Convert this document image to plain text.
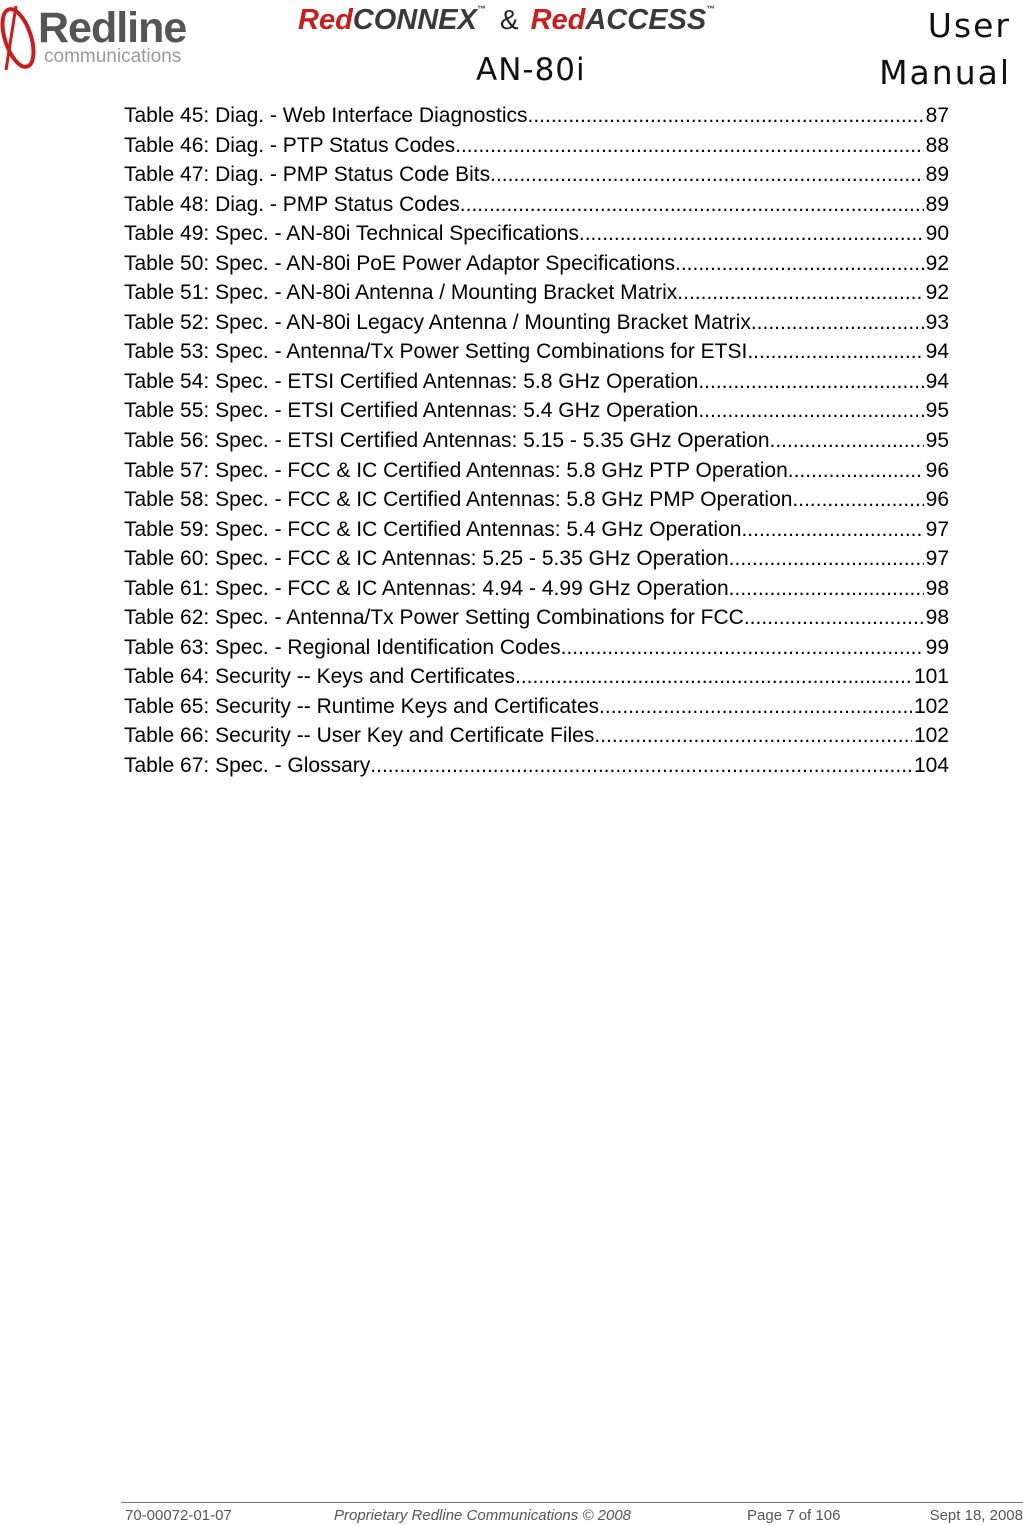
Redline
communications
RedCONNEX™ & RedACCESS™
AN-80i
User
Manual
Table 45: Diag. - Web Interface Diagnostics .....	87
Table 46: Diag. - PTP Status Codes .....	88
Table 47: Diag. - PMP Status Code Bits .....	89
Table 48: Diag. - PMP Status Codes .....	89
Table 49: Spec. - AN-80i Technical Specifications .....	90
Table 50: Spec. - AN-80i PoE Power Adaptor Specifications .....	92
Table 51: Spec. - AN-80i Antenna / Mounting Bracket Matrix .....	92
Table 52: Spec. - AN-80i Legacy Antenna / Mounting Bracket Matrix .....	93
Table 53: Spec. - Antenna/Tx Power Setting Combinations for ETSI .....	94
Table 54: Spec. - ETSI Certified Antennas: 5.8 GHz Operation .....	94
Table 55: Spec. - ETSI Certified Antennas: 5.4 GHz Operation .....	95
Table 56: Spec. - ETSI Certified Antennas: 5.15 - 5.35 GHz Operation .....	95
Table 57: Spec. - FCC & IC Certified Antennas: 5.8 GHz PTP Operation .....	96
Table 58: Spec. - FCC & IC Certified Antennas: 5.8 GHz PMP Operation .....	96
Table 59: Spec. - FCC & IC Certified Antennas: 5.4 GHz Operation .....	97
Table 60: Spec. - FCC & IC Antennas: 5.25 - 5.35 GHz Operation .....	97
Table 61: Spec. - FCC & IC Antennas: 4.94 - 4.99 GHz Operation .....	98
Table 62: Spec. - Antenna/Tx Power Setting Combinations for FCC .....	98
Table 63: Spec. - Regional Identification Codes .....	99
Table 64: Security -- Keys and Certificates .....	101
Table 65: Security -- Runtime Keys and Certificates .....	102
Table 66: Security -- User Key and Certificate Files .....	102
Table 67: Spec. - Glossary .....	104
70-00072-01-07	Proprietary Redline Communications © 2008	Page 7 of 106	Sept 18, 2008
